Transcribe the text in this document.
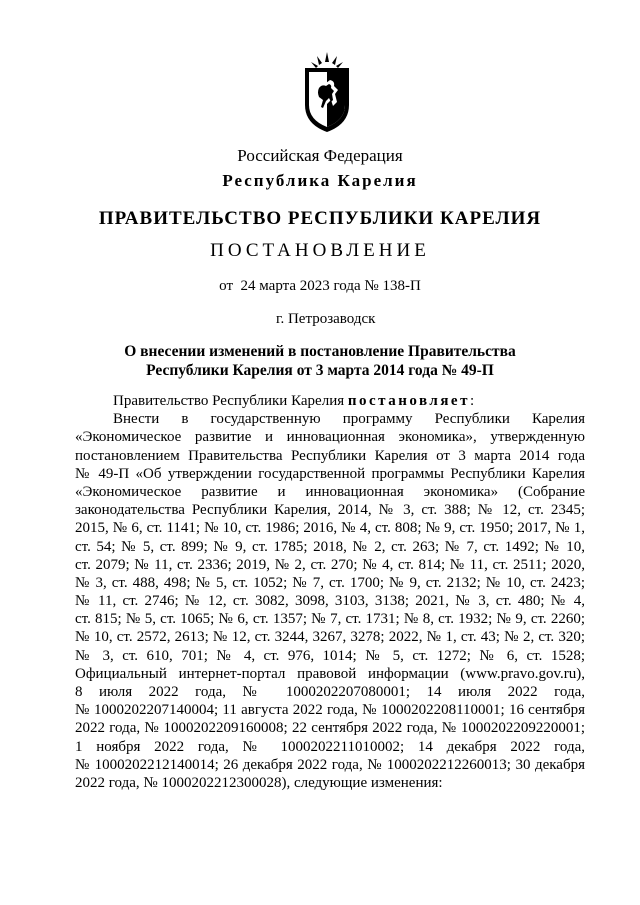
Российская Федерация
Республика Карелия
ПРАВИТЕЛЬСТВО РЕСПУБЛИКИ КАРЕЛИЯ
ПОСТАНОВЛЕНИЕ
от  24 марта 2023 года № 138-П
г. Петрозаводск
О внесении изменений в постановление Правительства
Республики Карелия от 3 марта 2014 года № 49-П
Правительство Республики Карелия постановляет:
Внести в государственную программу Республики Карелия
«Экономическое развитие и инновационная экономика», утвержденную
постановлением Правительства Республики Карелия от 3 марта 2014 года
№ 49-П «Об утверждении государственной программы Республики Карелия
«Экономическое развитие и инновационная экономика» (Собрание
законодательства Республики Карелия, 2014, № 3, ст. 388; № 12, ст. 2345;
2015, № 6, ст. 1141; № 10, ст. 1986; 2016, № 4, ст. 808; № 9, ст. 1950; 2017, № 1,
ст. 54; № 5, ст. 899; № 9, ст. 1785; 2018, № 2, ст. 263; № 7, ст. 1492; № 10,
ст. 2079; № 11, ст. 2336; 2019, № 2, ст. 270; № 4, ст. 814; № 11, ст. 2511; 2020,
№ 3, ст. 488, 498; № 5, ст. 1052; № 7, ст. 1700; № 9, ст. 2132; № 10, ст. 2423;
№ 11, ст. 2746; № 12, ст. 3082, 3098, 3103, 3138; 2021, № 3, ст. 480; № 4,
ст. 815; № 5, ст. 1065; № 6, ст. 1357; № 7, ст. 1731; № 8, ст. 1932; № 9, ст. 2260;
№ 10, ст. 2572, 2613; № 12, ст. 3244, 3267, 3278; 2022, № 1, ст. 43; № 2, ст. 320;
№ 3, ст. 610, 701; № 4, ст. 976, 1014; № 5, ст. 1272; № 6, ст. 1528;
Официальный интернет-портал правовой информации (www.pravo.gov.ru),
8 июля 2022 года, № 1000202207080001; 14 июля 2022 года,
№ 1000202207140004; 11 августа 2022 года, № 1000202208110001; 16 сентября
2022 года, № 1000202209160008; 22 сентября 2022 года, № 1000202209220001;
1 ноября 2022 года, № 1000202211010002; 14 декабря 2022 года,
№ 1000202212140014; 26 декабря 2022 года, № 1000202212260013; 30 декабря
2022 года, № 1000202212300028), следующие изменения:
